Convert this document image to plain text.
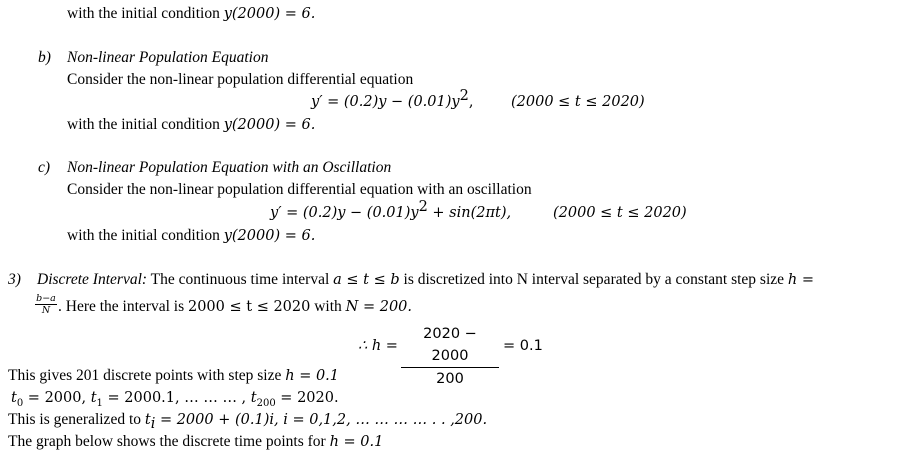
with the initial condition y(2000) = 6.
b) Non-linear Population Equation
Consider the non-linear population differential equation
$y' = (0.2)y - (0.01)y^2$,	(2000 ≤ t ≤ 2020)
with the initial condition y(2000) = 6.
c) Non-linear Population Equation with an Oscillation
Consider the non-linear population differential equation with an oscillation
$y' = (0.2)y - (0.01)y^2 + \sin(2\pi t)$,	(2000 ≤ t ≤ 2020)
with the initial condition y(2000) = 6.
3) Discrete Interval: The continuous time interval a ≤ t ≤ b is discretized into N interval separated by a constant step size h =
$\frac{b-a}{N}$ . Here the interval is 2000 ≤ t ≤ 2020 with N = 200.
∴ $h = \frac{2020 - 2000}{200} = 0.1$
This gives 201 discrete points with step size h = 0.1
$t_0 = 2000$, $t_1 = 2000.1$, … … … , $t_{200} = 2020$.
This is generalized to $t_i = 2000 + (0.1)i$, i = 0,1,2, … … … … . . ,200.
The graph below shows the discrete time points for h = 0.1
